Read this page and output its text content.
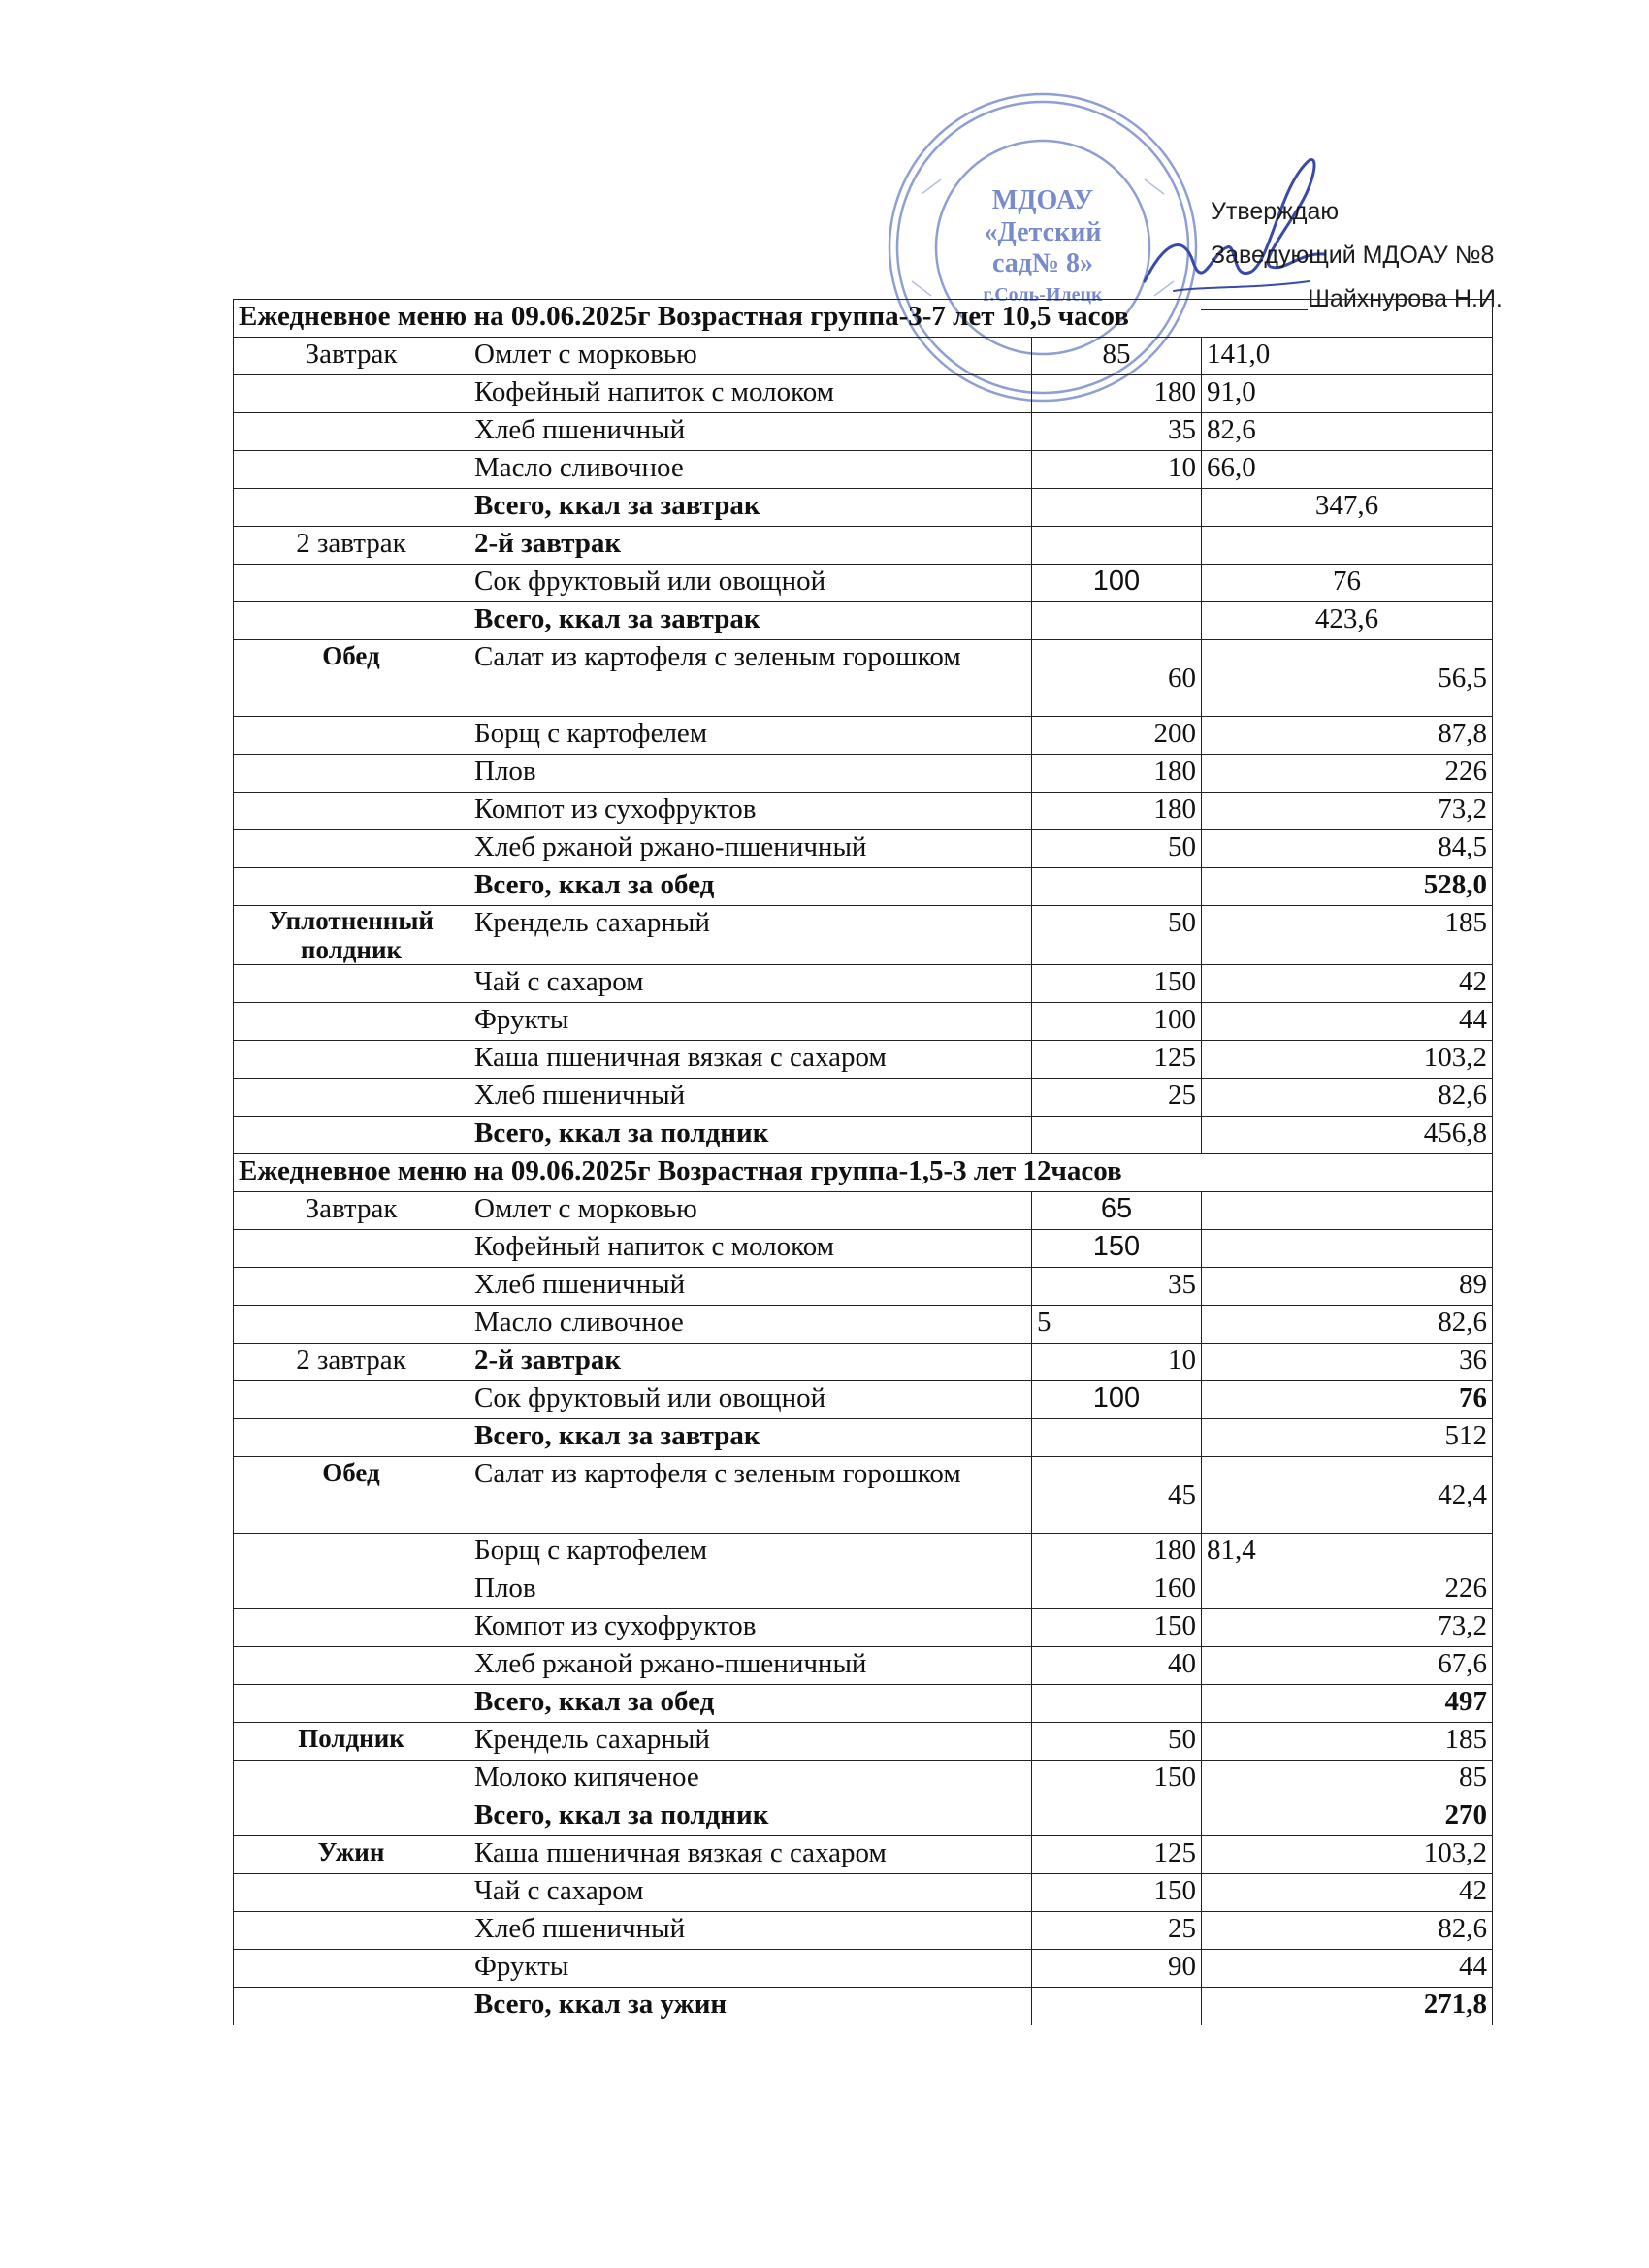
МДОАУ
«Детский
сад№ 8»
г.Соль-Илецк
Утверждаю
Заведующий МДОАУ №8
Шайхнурова Н.И.
Ежедневное меню на 09.06.2025г Возрастная группа-3-7 лет 10,5 часов			
Завтрак	Омлет с морковью	85	141,0
	Кофейный напиток с молоком	180	91,0
	Хлеб пшеничный	35	82,6
	Масло сливочное	10	66,0
	Всего, ккал за завтрак		347,6
2 завтрак	2-й завтрак		
	Сок фруктовый или овощной	100	76
	Всего, ккал за завтрак		423,6
Обед	Салат из картофеля с зеленым горошком	60	56,5
	Борщ с картофелем	200	87,8
	Плов	180	226
	Компот из сухофруктов	180	73,2
	Хлеб ржаной ржано-пшеничный	50	84,5
	Всего, ккал за обед		528,0
Уплотненный полдник	Крендель сахарный	50	185
	Чай с сахаром	150	42
	Фрукты	100	44
	Каша пшеничная вязкая с сахаром	125	103,2
	Хлеб пшеничный	25	82,6
	Всего, ккал за полдник		456,8
Ежедневное меню на 09.06.2025г Возрастная группа-1,5-3 лет 12часов			
Завтрак	Омлет с морковью	65	
	Кофейный напиток с молоком	150	
	Хлеб пшеничный	35	89
	Масло сливочное	5	82,6
2 завтрак	2-й завтрак	10	36
	Сок фруктовый или овощной	100	76
	Всего, ккал за завтрак		512
Обед	Салат из картофеля с зеленым горошком	45	42,4
	Борщ с картофелем	180	81,4
	Плов	160	226
	Компот из сухофруктов	150	73,2
	Хлеб ржаной ржано-пшеничный	40	67,6
	Всего, ккал за обед		497
Полдник	Крендель сахарный	50	185
	Молоко кипяченое	150	85
	Всего, ккал за полдник		270
Ужин	Каша пшеничная вязкая с сахаром	125	103,2
	Чай с сахаром	150	42
	Хлеб пшеничный	25	82,6
	Фрукты	90	44
	Всего, ккал за ужин		271,8
